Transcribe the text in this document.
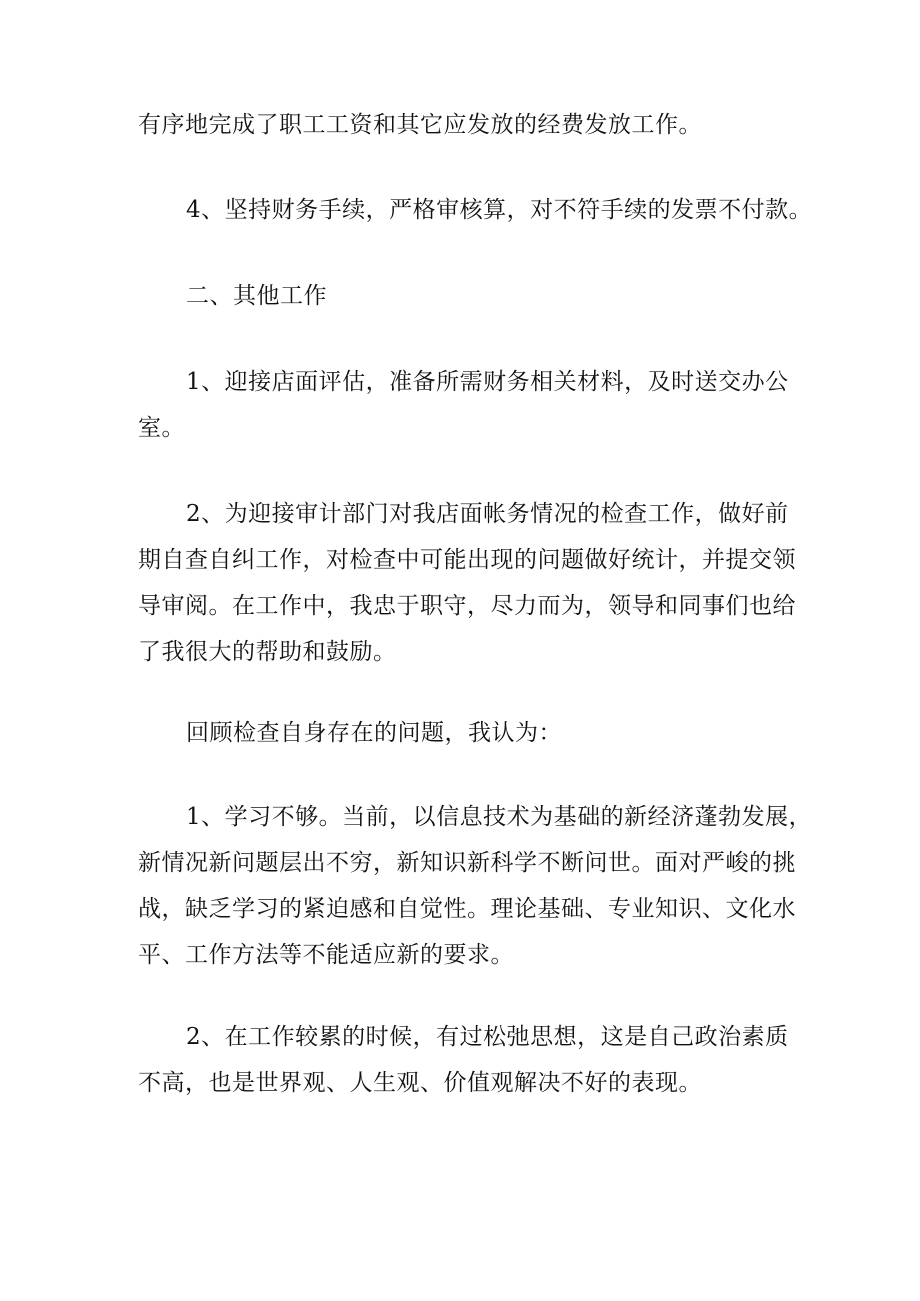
有序地完成了职工工资和其它应发放的经费发放工作。

4、坚持财务手续，严格审核算，对不符手续的发票不付款。

二、其他工作

1、迎接店面评估，准备所需财务相关材料，及时送交办公
室。

2、为迎接审计部门对我店面帐务情况的检查工作，做好前
期自查自纠工作，对检查中可能出现的问题做好统计，并提交领
导审阅。在工作中，我忠于职守，尽力而为，领导和同事们也给
了我很大的帮助和鼓励。

回顾检查自身存在的问题，我认为：

1、学习不够。当前，以信息技术为基础的新经济蓬勃发展，
新情况新问题层出不穷，新知识新科学不断问世。面对严峻的挑
战，缺乏学习的紧迫感和自觉性。理论基础、专业知识、文化水
平、工作方法等不能适应新的要求。

2、在工作较累的时候，有过松弛思想，这是自己政治素质
不高，也是世界观、人生观、价值观解决不好的表现。
